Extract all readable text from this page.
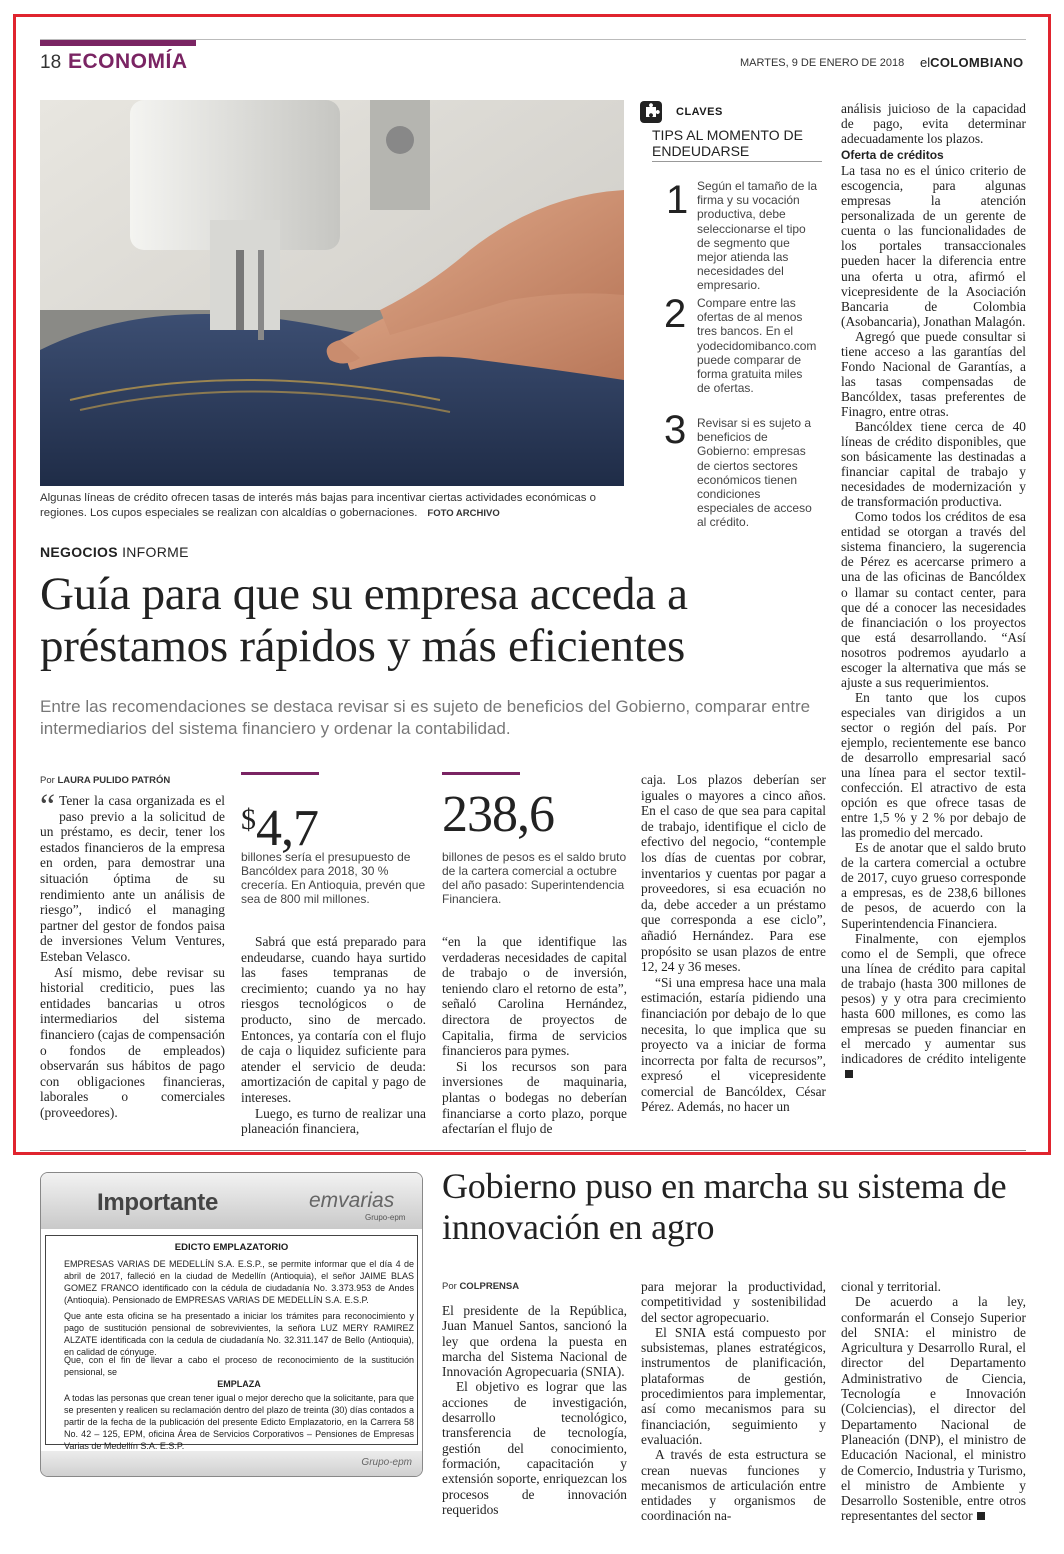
18 ECONOMÍA	MARTES, 9 DE ENERO DE 2018 elCOLOMBIANO
Algunas líneas de crédito ofrecen tasas de interés más bajas para incentivar ciertas actividades económicas o regiones. Los cupos especiales se realizan con alcaldías o gobernaciones. FOTO ARCHIVO
CLAVES
TIPS AL MOMENTO DE ENDEUDARSE
1 Según el tamaño de la firma y su vocación productiva, debe seleccionarse el tipo de segmento que mejor atienda las necesidades del empresario.
2 Compare entre las ofertas de al menos tres bancos. En el yodecidomibanco.com puede comparar de forma gratuita miles de ofertas.
3 Revisar si es sujeto a beneficios de Gobierno: empresas de ciertos sectores económicos tienen condiciones especiales de acceso al crédito.
NEGOCIOS INFORME
Guía para que su empresa acceda a préstamos rápidos y más eficientes
Entre las recomendaciones se destaca revisar si es sujeto de beneficios del Gobierno, comparar entre intermediarios del sistema financiero y ordenar la contabilidad.
Por LAURA PULIDO PATRÓN

“ Tener la casa organizada es el paso previo a la solicitud de un préstamo, es decir, tener los estados financieros de la empresa en orden, para demostrar una situación óptima de su rendimiento ante un análisis de riesgo”, indicó el managing partner del gestor de fondos paisa de inversiones Velum Ventures, Esteban Velasco.

Así mismo, debe revisar su historial crediticio, pues las entidades bancarias u otros intermediarios del sistema financiero (cajas de compensación o fondos de empleados) observarán sus hábitos de pago con obligaciones financieras, laborales o comerciales (proveedores).

$4,7
billones sería el presupuesto de Bancóldex para 2018, 30 % crecería. En Antioquia, prevén que sea de 800 mil millones.

Sabrá que está preparado para endeudarse, cuando haya surtido las fases tempranas de crecimiento; cuando ya no hay riesgos tecnológicos o de producto, sino de mercado. Entonces, ya contaría con el flujo de caja o liquidez suficiente para atender el servicio de deuda: amortización de capital y pago de intereses.

Luego, es turno de realizar una planeación financiera,

238,6
billones de pesos es el saldo bruto de la cartera comercial a octubre del año pasado: Superintendencia Financiera.

“en la que identifique las verdaderas necesidades de capital de trabajo o de inversión, teniendo claro el retorno de esta”, señaló Carolina Hernández, directora de proyectos de Capitalia, firma de servicios financieros para pymes.

Si los recursos son para inversiones de maquinaria, plantas o bodegas no deberían financiarse a corto plazo, porque afectarían el flujo de

caja. Los plazos deberían ser iguales o mayores a cinco años. En el caso de que sea para capital de trabajo, identifique el ciclo de efectivo del negocio, “contemple los días de cuentas por cobrar, inventarios y cuentas por pagar a proveedores, si esa ecuación no da, debe acceder a un préstamo que corresponda a ese ciclo”, añadió Hernández. Para ese propósito se usan plazos de entre 12, 24 y 36 meses.

“Si una empresa hace una mala estimación, estaría pidiendo una financiación por debajo de lo que necesita, lo que implica que su proyecto va a iniciar de forma incorrecta por falta de recursos”, expresó el vicepresidente comercial de Bancóldex, César Pérez. Además, no hacer un

análisis juicioso de la capacidad de pago, evita determinar adecuadamente los plazos.

Oferta de créditos

La tasa no es el único criterio de escogencia, para algunas empresas la atención personalizada de un gerente de cuenta o las funcionalidades de los portales transaccionales pueden hacer la diferencia entre una oferta u otra, afirmó el vicepresidente de la Asociación Bancaria de Colombia (Asobancaria), Jonathan Malagón.

Agregó que puede consultar si tiene acceso a las garantías del Fondo Nacional de Garantías, a las tasas compensadas de Bancóldex, tasas preferentes de Finagro, entre otras.

Bancóldex tiene cerca de 40 líneas de crédito disponibles, que son básicamente las destinadas a financiar capital de trabajo y necesidades de modernización y de transformación productiva.

Como todos los créditos de esa entidad se otorgan a través del sistema financiero, la sugerencia de Pérez es acercarse primero a una de las oficinas de Bancóldex o llamar su contact center, para que dé a conocer las necesidades de financiación o los proyectos que está desarrollando. “Así nosotros podremos ayudarlo a escoger la alternativa que más se ajuste a sus requerimientos.

En tanto que los cupos especiales van dirigidos a un sector o región del país. Por ejemplo, recientemente ese banco de desarrollo empresarial sacó una línea para el sector textil-confección. El atractivo de esta opción es que ofrece tasas de entre 1,5 % y 2 % por debajo de las promedio del mercado.

Es de anotar que el saldo bruto de la cartera comercial a octubre de 2017, cuyo grueso corresponde a empresas, es de 238,6 billones de pesos, de acuerdo con la Superintendencia Financiera.

Finalmente, con ejemplos como el de Sempli, que ofrece una línea de crédito para capital de trabajo (hasta 300 millones de pesos) y y otra para crecimiento hasta 600 millones, es como las empresas se pueden financiar en el mercado y aumentar sus indicadores de crédito inteligente

Importante	emvarias
Grupo-epm
EDICTO EMPLAZATORIO
EMPRESAS VARIAS DE MEDELLÍN S.A. E.S.P., se permite informar que el día 4 de abril de 2017, falleció en la ciudad de Medellín (Antioquia), el señor JAIME BLAS GOMEZ FRANCO identificado con la cédula de ciudadanía No. 3.373.953 de Andes (Antioquia). Pensionado de EMPRESAS VARIAS DE MEDELLÍN S.A. E.S.P.
Que ante esta oficina se ha presentado a iniciar los trámites para reconocimiento y pago de sustitución pensional de sobrevivientes, la señora LUZ MERY RAMIREZ ALZATE identificada con la cedula de ciudadanía No. 32.311.147 de Bello (Antioquia), en calidad de cónyuge.
Que, con el fin de llevar a cabo el proceso de reconocimiento de la sustitución pensional, se
EMPLAZA
A todas las personas que crean tener igual o mejor derecho que la solicitante, para que se presenten y realicen su reclamación dentro del plazo de treinta (30) días contados a partir de la fecha de la publicación del presente Edicto Emplazatorio, en la Carrera 58 No. 42 – 125, EPM, oficina Área de Servicios Corporativos – Pensiones de Empresas Varias de Medellín S.A. E.S.P.
Grupo-epm
Gobierno puso en marcha su sistema de innovación en agro
Por COLPRENSA

El presidente de la República, Juan Manuel Santos, sancionó la ley que ordena la puesta en marcha del Sistema Nacional de Innovación Agropecuaria (SNIA).

El objetivo es lograr que las acciones de investigación, desarrollo tecnológico, transferencia de tecnología, gestión del conocimiento, formación, capacitación y extensión soporte, enriquezcan los procesos de innovación requeridos

para mejorar la productividad, competitividad y sostenibilidad del sector agropecuario.

El SNIA está compuesto por subsistemas, planes estratégicos, instrumentos de planificación, plataformas de gestión, procedimientos para implementar, así como mecanismos para su financiación, seguimiento y evaluación.

A través de esta estructura se crean nuevas funciones y mecanismos de articulación entre entidades y organismos de coordinación na-

cional y territorial.

De acuerdo a la ley, conformarán el Consejo Superior del SNIA: el ministro de Agricultura y Desarrollo Rural, el director del Departamento Administrativo de Ciencia, Tecnología e Innovación (Colciencias), el director del Departamento Nacional de Planeación (DNP), el ministro de Educación Nacional, el ministro de Comercio, Industria y Turismo, el ministro de Ambiente y Desarrollo Sostenible, entre otros representantes del sector
